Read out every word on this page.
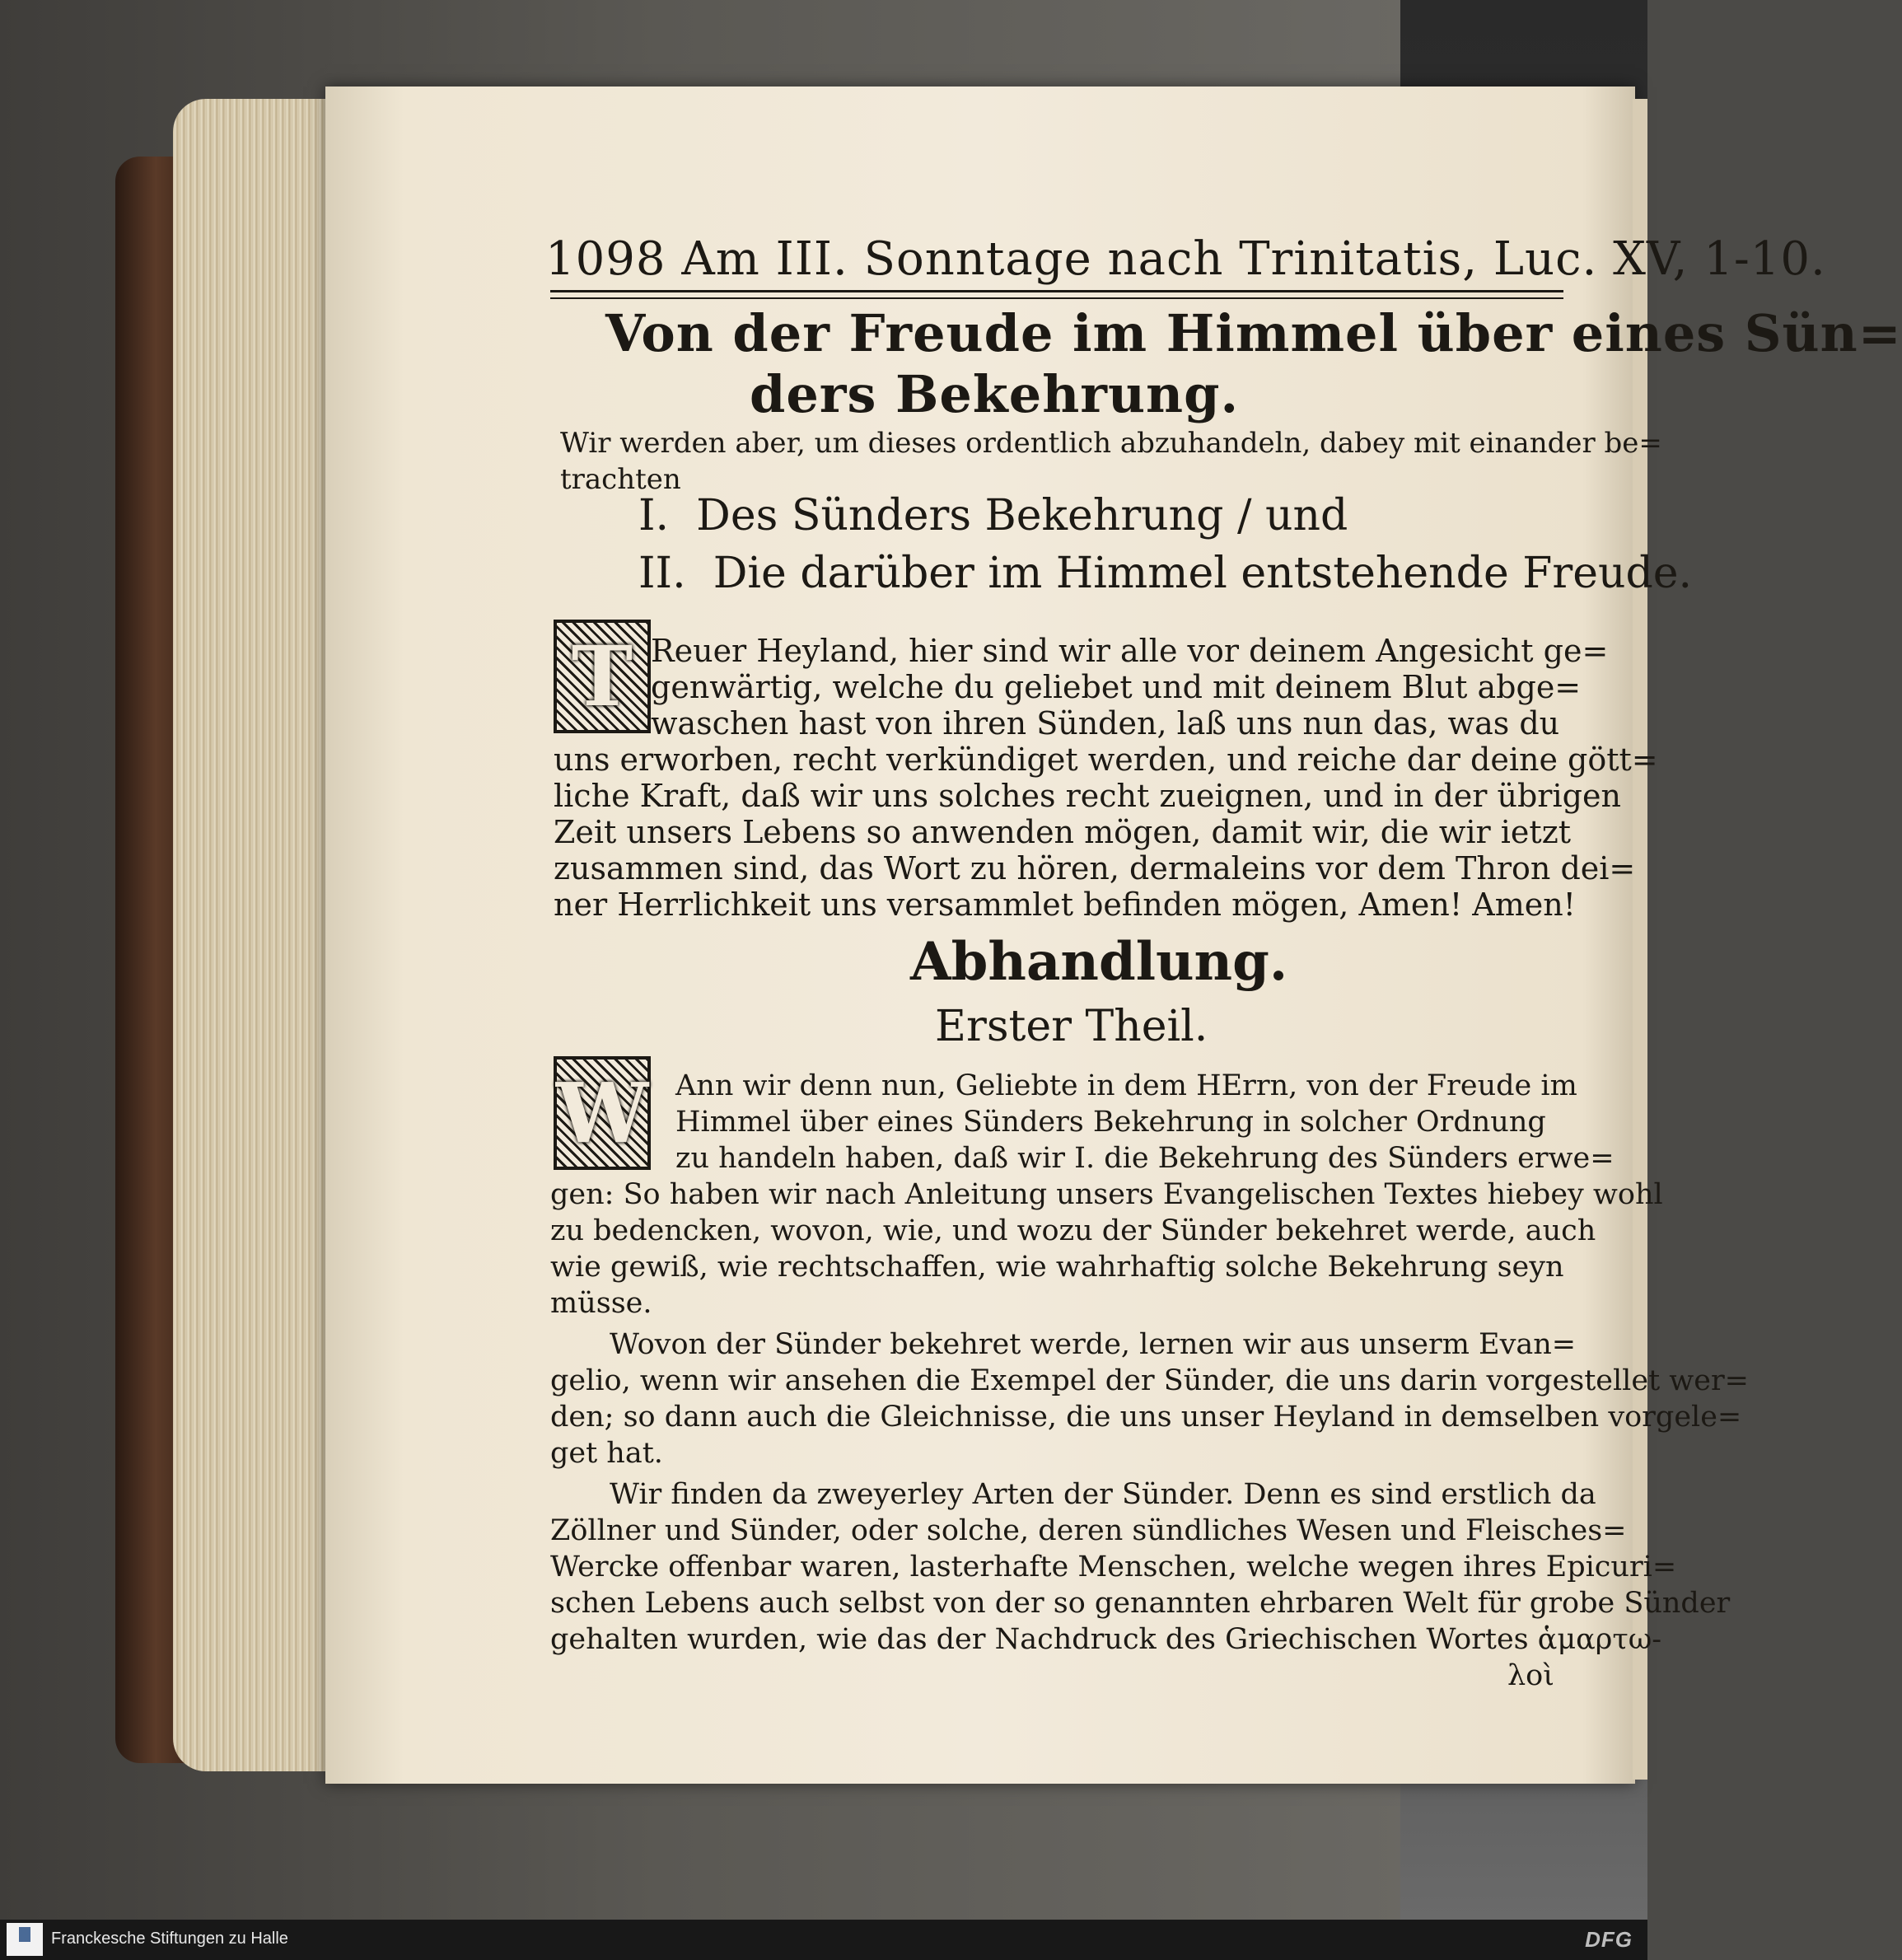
1098 Am III. Sonntage nach Trinitatis, Luc. XV, 1-10.
Von der Freude im Himmel über eines Sün=
ders Bekehrung.
Wir werden aber, um dieses ordentlich abzuhandeln, dabey mit einander be=
trachten
I. Des Sünders Bekehrung / und
II. Die darüber im Himmel entstehende Freude.
T Reuer Heyland, hier sind wir alle vor deinem Angesicht ge=
genwärtig, welche du geliebet und mit deinem Blut abge=
waschen hast von ihren Sünden, laß uns nun das, was du
uns erworben, recht verkündiget werden, und reiche dar deine gött=
liche Kraft, daß wir uns solches recht zueignen, und in der übrigen
Zeit unsers Lebens so anwenden mögen, damit wir, die wir ietzt
zusammen sind, das Wort zu hören, dermaleins vor dem Thron dei=
ner Herrlichkeit uns versammlet befinden mögen, Amen! Amen!
Abhandlung.
Erster Theil.
W Ann wir denn nun, Geliebte in dem HErrn, von der Freude im
Himmel über eines Sünders Bekehrung in solcher Ordnung
zu handeln haben, daß wir I. die Bekehrung des Sünders erwe=
gen: So haben wir nach Anleitung unsers Evangelischen Textes hiebey wohl
zu bedencken, wovon, wie, und wozu der Sünder bekehret werde, auch
wie gewiß, wie rechtschaffen, wie wahrhaftig solche Bekehrung seyn
müsse.
Wovon der Sünder bekehret werde, lernen wir aus unserm Evan=
gelio, wenn wir ansehen die Exempel der Sünder, die uns darin vorgestellet wer=
den; so dann auch die Gleichnisse, die uns unser Heyland in demselben vorgele=
get hat.
Wir finden da zweyerley Arten der Sünder. Denn es sind erstlich da
Zöllner und Sünder, oder solche, deren sündliches Wesen und Fleisches=
Wercke offenbar waren, lasterhafte Menschen, welche wegen ihres Epicuri=
schen Lebens auch selbst von der so genannten ehrbaren Welt für grobe Sünder
gehalten wurden, wie das der Nachdruck des Griechischen Wortes ἁμαρτω-
λοὶ
Franckesche Stiftungen zu Halle	DFG
